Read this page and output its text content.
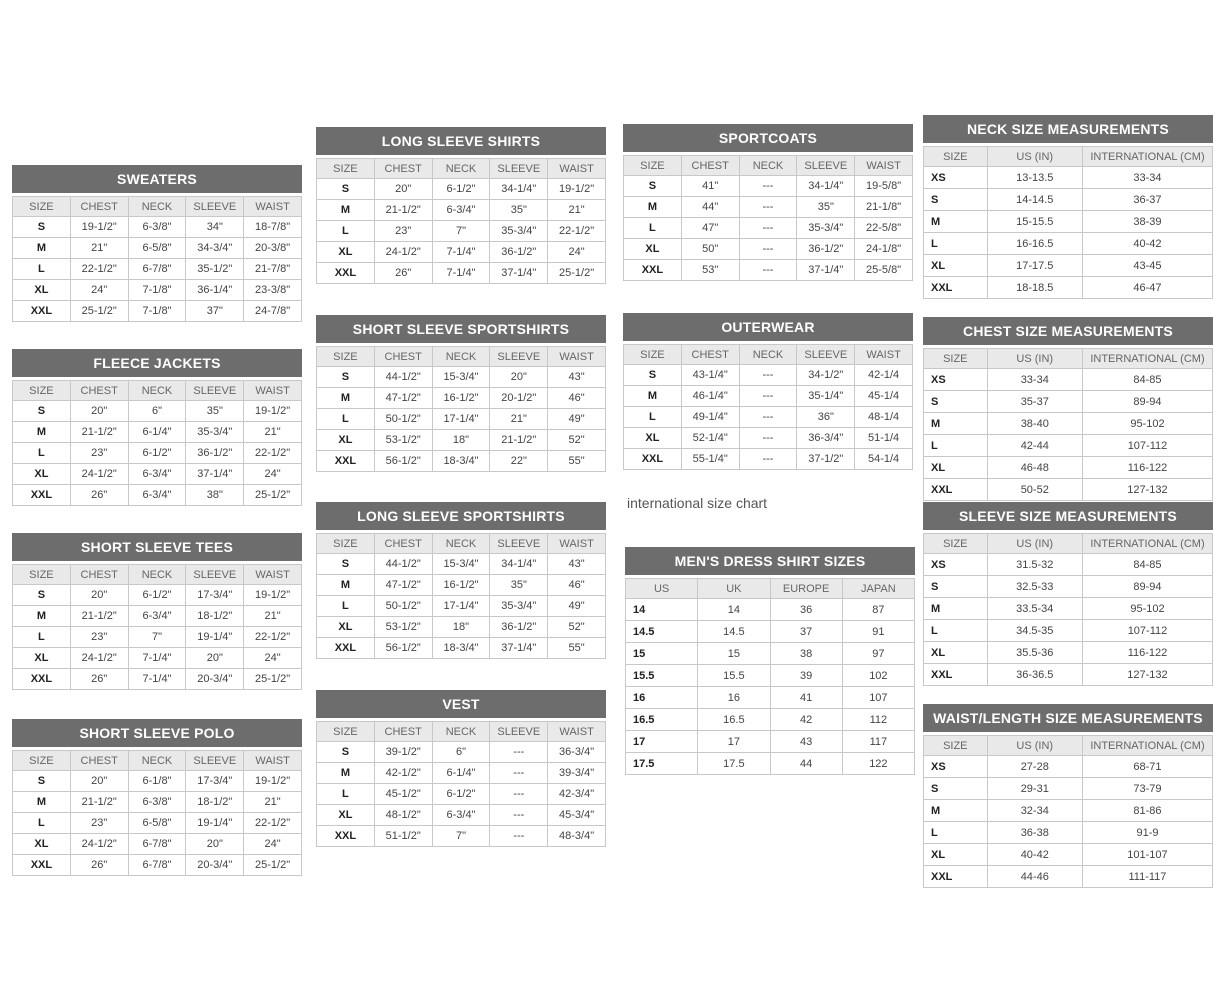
SWEATERS
SIZE	CHEST	NECK	SLEEVE	WAIST
S	19-1/2"	6-3/8"	34"	18-7/8"
M	21"	6-5/8"	34-3/4"	20-3/8"
L	22-1/2"	6-7/8"	35-1/2"	21-7/8"
XL	24"	7-1/8"	36-1/4"	23-3/8"
XXL	25-1/2"	7-1/8"	37"	24-7/8"
FLEECE JACKETS
SIZE	CHEST	NECK	SLEEVE	WAIST
S	20"	6"	35"	19-1/2"
M	21-1/2"	6-1/4"	35-3/4"	21"
L	23"	6-1/2"	36-1/2"	22-1/2"
XL	24-1/2"	6-3/4"	37-1/4"	24"
XXL	26"	6-3/4"	38"	25-1/2"
SHORT SLEEVE TEES
SIZE	CHEST	NECK	SLEEVE	WAIST
S	20"	6-1/2"	17-3/4"	19-1/2"
M	21-1/2"	6-3/4"	18-1/2"	21"
L	23"	7"	19-1/4"	22-1/2"
XL	24-1/2"	7-1/4"	20"	24"
XXL	26"	7-1/4"	20-3/4"	25-1/2"
SHORT SLEEVE POLO
SIZE	CHEST	NECK	SLEEVE	WAIST
S	20"	6-1/8"	17-3/4"	19-1/2"
M	21-1/2"	6-3/8"	18-1/2"	21"
L	23"	6-5/8"	19-1/4"	22-1/2"
XL	24-1/2"	6-7/8"	20"	24"
XXL	26"	6-7/8"	20-3/4"	25-1/2"
LONG SLEEVE SHIRTS
SIZE	CHEST	NECK	SLEEVE	WAIST
S	20"	6-1/2"	34-1/4"	19-1/2"
M	21-1/2"	6-3/4"	35"	21"
L	23"	7"	35-3/4"	22-1/2"
XL	24-1/2"	7-1/4"	36-1/2"	24"
XXL	26"	7-1/4"	37-1/4"	25-1/2"
SHORT SLEEVE SPORTSHIRTS
SIZE	CHEST	NECK	SLEEVE	WAIST
S	44-1/2"	15-3/4"	20"	43"
M	47-1/2"	16-1/2"	20-1/2"	46"
L	50-1/2"	17-1/4"	21"	49"
XL	53-1/2"	18"	21-1/2"	52"
XXL	56-1/2"	18-3/4"	22"	55"
LONG SLEEVE SPORTSHIRTS
SIZE	CHEST	NECK	SLEEVE	WAIST
S	44-1/2"	15-3/4"	34-1/4"	43"
M	47-1/2"	16-1/2"	35"	46"
L	50-1/2"	17-1/4"	35-3/4"	49"
XL	53-1/2"	18"	36-1/2"	52"
XXL	56-1/2"	18-3/4"	37-1/4"	55"
VEST
SIZE	CHEST	NECK	SLEEVE	WAIST
S	39-1/2"	6"	---	36-3/4"
M	42-1/2"	6-1/4"	---	39-3/4"
L	45-1/2"	6-1/2"	---	42-3/4"
XL	48-1/2"	6-3/4"	---	45-3/4"
XXL	51-1/2"	7"	---	48-3/4"
SPORTCOATS
SIZE	CHEST	NECK	SLEEVE	WAIST
S	41"	---	34-1/4"	19-5/8"
M	44"	---	35"	21-1/8"
L	47"	---	35-3/4"	22-5/8"
XL	50"	---	36-1/2"	24-1/8"
XXL	53"	---	37-1/4"	25-5/8"
OUTERWEAR
SIZE	CHEST	NECK	SLEEVE	WAIST
S	43-1/4"	---	34-1/2"	42-1/4
M	46-1/4"	---	35-1/4"	45-1/4
L	49-1/4"	---	36"	48-1/4
XL	52-1/4"	---	36-3/4"	51-1/4
XXL	55-1/4"	---	37-1/2"	54-1/4
international size chart
MEN'S DRESS SHIRT SIZES
US	UK	EUROPE	JAPAN
14	14	36	87
14.5	14.5	37	91
15	15	38	97
15.5	15.5	39	102
16	16	41	107
16.5	16.5	42	112
17	17	43	117
17.5	17.5	44	122
NECK SIZE MEASUREMENTS
SIZE	US (IN)	INTERNATIONAL (CM)
XS	13-13.5	33-34
S	14-14.5	36-37
M	15-15.5	38-39
L	16-16.5	40-42
XL	17-17.5	43-45
XXL	18-18.5	46-47
CHEST SIZE MEASUREMENTS
SIZE	US (IN)	INTERNATIONAL (CM)
XS	33-34	84-85
S	35-37	89-94
M	38-40	95-102
L	42-44	107-112
XL	46-48	116-122
XXL	50-52	127-132
SLEEVE SIZE MEASUREMENTS
SIZE	US (IN)	INTERNATIONAL (CM)
XS	31.5-32	84-85
S	32.5-33	89-94
M	33.5-34	95-102
L	34.5-35	107-112
XL	35.5-36	116-122
XXL	36-36.5	127-132
WAIST/LENGTH SIZE MEASUREMENTS
SIZE	US (IN)	INTERNATIONAL (CM)
XS	27-28	68-71
S	29-31	73-79
M	32-34	81-86
L	36-38	91-9
XL	40-42	101-107
XXL	44-46	111-117
